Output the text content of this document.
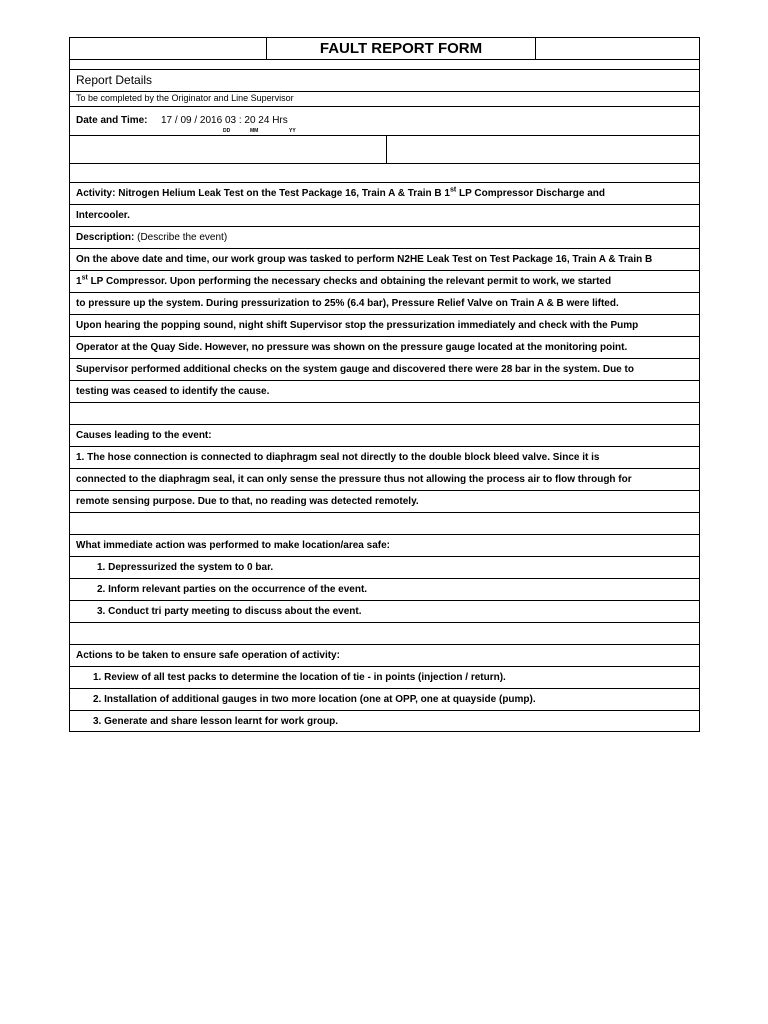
FAULT REPORT FORM
Report Details
To be completed by the Originator and Line Supervisor
Date and Time: 17 / 09 / 2016 03 : 20 24 Hrs
DD	MM	YY
Activity: Nitrogen Helium Leak Test on the Test Package 16, Train A & Train B 1st LP Compressor Discharge and
Intercooler.
Description: (Describe the event)
On the above date and time, our work group was tasked to perform N2HE Leak Test on Test Package 16, Train A & Train B
1st LP Compressor. Upon performing the necessary checks and obtaining the relevant permit to work, we started
to pressure up the system. During pressurization to 25% (6.4 bar), Pressure Relief Valve on Train A & B were lifted.
Upon hearing the popping sound, night shift Supervisor stop the pressurization immediately and check with the Pump
Operator at the Quay Side. However, no pressure was shown on the pressure gauge located at the monitoring point.
Supervisor performed additional checks on the system gauge and discovered there were 28 bar in the system. Due to
testing was ceased to identify the cause.
Causes leading to the event:
1. The hose connection is connected to diaphragm seal not directly to the double block bleed valve. Since it is
connected to the diaphragm seal, it can only sense the pressure thus not allowing the process air to flow through for
remote sensing purpose. Due to that, no reading was detected remotely.
What immediate action was performed to make location/area safe:
1. Depressurized the system to 0 bar.
2. Inform relevant parties on the occurrence of the event.
3. Conduct tri party meeting to discuss about the event.
Actions to be taken to ensure safe operation of activity:
1. Review of all test packs to determine the location of tie - in points (injection / return).
2. Installation of additional gauges in two more location (one at OPP, one at quayside (pump).
3. Generate and share lesson learnt for work group.
